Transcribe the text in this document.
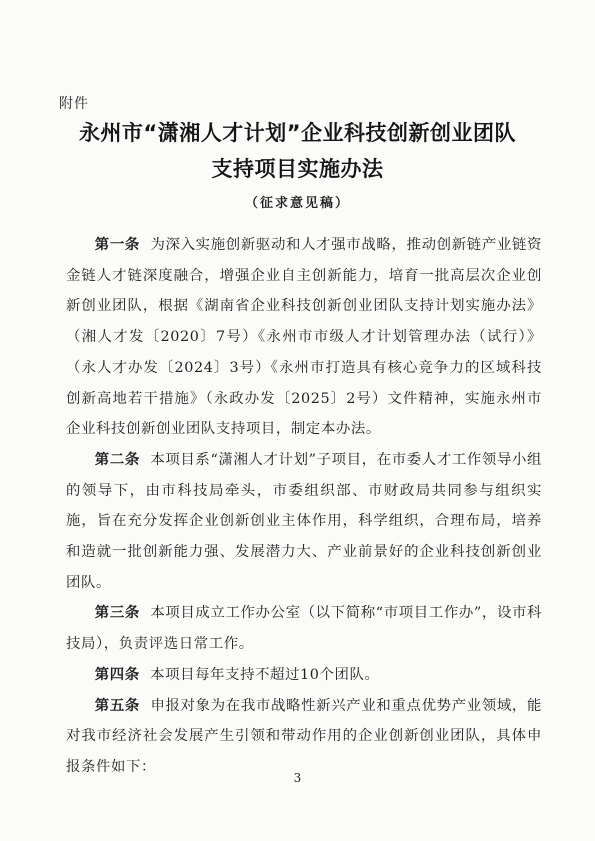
附件
永州市“潇湘人才计划”企业科技创新创业团队
支持项目实施办法
（征求意见稿）

第一条 为深入实施创新驱动和人才强市战略，推动创新链产业链资金链人才链深度融合，增强企业自主创新能力，培育一批高层次企业创新创业团队，根据《湖南省企业科技创新创业团队支持计划实施办法》（湘人才发〔2020〕7号）《永州市市级人才计划管理办法（试行）》（永人才办发〔2024〕3号）《永州市打造具有核心竞争力的区域科技创新高地若干措施》（永政办发〔2025〕2号）文件精神，实施永州市企业科技创新创业团队支持项目，制定本办法。

第二条 本项目系“潇湘人才计划”子项目，在市委人才工作领导小组的领导下，由市科技局牵头，市委组织部、市财政局共同参与组织实施，旨在充分发挥企业创新创业主体作用，科学组织，合理布局，培养和造就一批创新能力强、发展潜力大、产业前景好的企业科技创新创业团队。

第三条 本项目成立工作办公室（以下简称“市项目工作办”，设市科技局），负责评选日常工作。

第四条 本项目每年支持不超过10个团队。

第五条 申报对象为在我市战略性新兴产业和重点优势产业领域，能对我市经济社会发展产生引领和带动作用的企业创新创业团队，具体申报条件如下：

3
